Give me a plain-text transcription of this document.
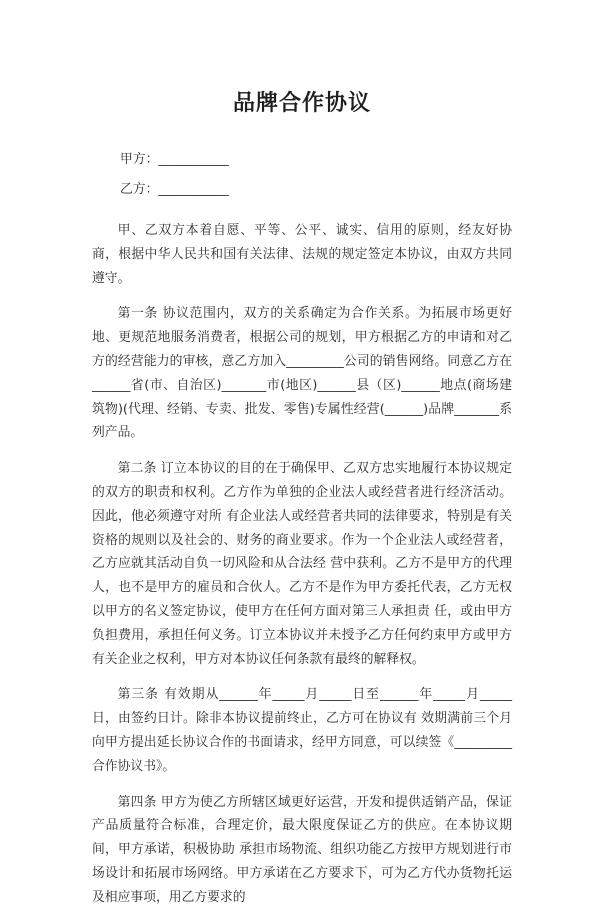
品牌合作协议
甲方：___________
乙方：___________

甲、乙双方本着自愿、平等、公平、诚实、信用的原则，经友好协商，根据中华人民共和国有关法律、法规的规定签定本协议，由双方共同遵守。

第一条 协议范围内，双方的关系确定为合作关系。为拓展市场更好地、更规范地服务消费者，根据公司的规划，甲方根据乙方的申请和对乙方的经营能力的审核，意乙方加入_________公司的销售网络。同意乙方在______省(市、自治区)_______市(地区)______县（区)______地点(商场建筑物)(代理、经销、专卖、批发、零售)专属性经营(______)品牌_______系列产品。

第二条 订立本协议的目的在于确保甲、乙双方忠实地履行本协议规定的双方的职责和权利。乙方作为单独的企业法人或经营者进行经济活动。因此，他必须遵守对所 有企业法人或经营者共同的法律要求，特别是有关资格的规则以及社会的、财务的商业要求。作为一个企业法人或经营者，乙方应就其活动自负一切风险和从合法经 营中获利。乙方不是甲方的代理人，也不是甲方的雇员和合伙人。乙方不是作为甲方委托代表，乙方无权以甲方的名义签定协议，使甲方在任何方面对第三人承担责 任，或由甲方负担费用，承担任何义务。订立本协议并未授予乙方任何约束甲方或甲方有关企业之权利，甲方对本协议任何条款有最终的解释权。

第三条 有效期从______年_____月_____日至______年_____月_____日，由签约日计。除非本协议提前终止，乙方可在协议有 效期满前三个月向甲方提出延长协议合作的书面请求，经甲方同意，可以续签《_________合作协议书》。

第四条 甲方为使乙方所辖区域更好运营，开发和提供适销产品，保证产品质量符合标准，合理定价，最大限度保证乙方的供应。在本协议期间，甲方承诺，积极协助 承担市场物流、组织功能乙方按甲方规划进行市场设计和拓展市场网络。甲方承诺在乙方要求下，可为乙方代办货物托运及相应事项，用乙方要求的
